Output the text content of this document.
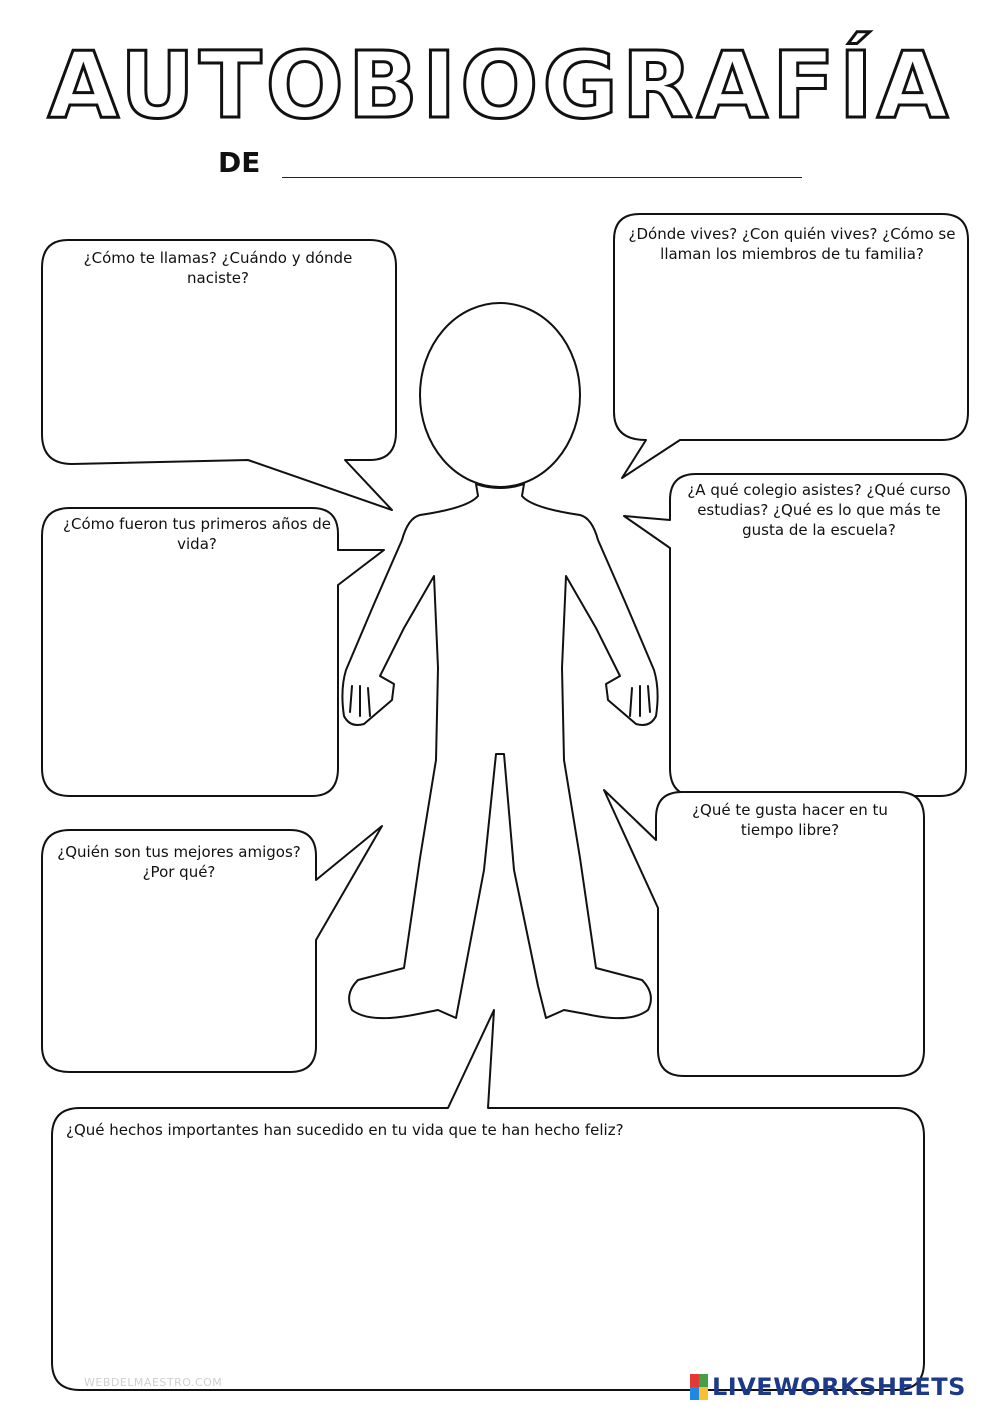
AUTOBIOGRAFÍA
DE

¿Cómo te llamas? ¿Cuándo y dónde naciste?

¿Cómo fueron tus primeros años de vida?

¿Quién son tus mejores amigos? ¿Por qué?

¿Dónde vives? ¿Con quién vives? ¿Cómo se llaman los miembros de tu familia?

¿A qué colegio asistes? ¿Qué curso estudias? ¿Qué es lo que más te gusta de la escuela?

¿Qué te gusta hacer en tu tiempo libre?

¿Qué hechos importantes han sucedido en tu vida que te han hecho feliz?

WEBDELMAESTRO.COM	LIVEWORKSHEETS
